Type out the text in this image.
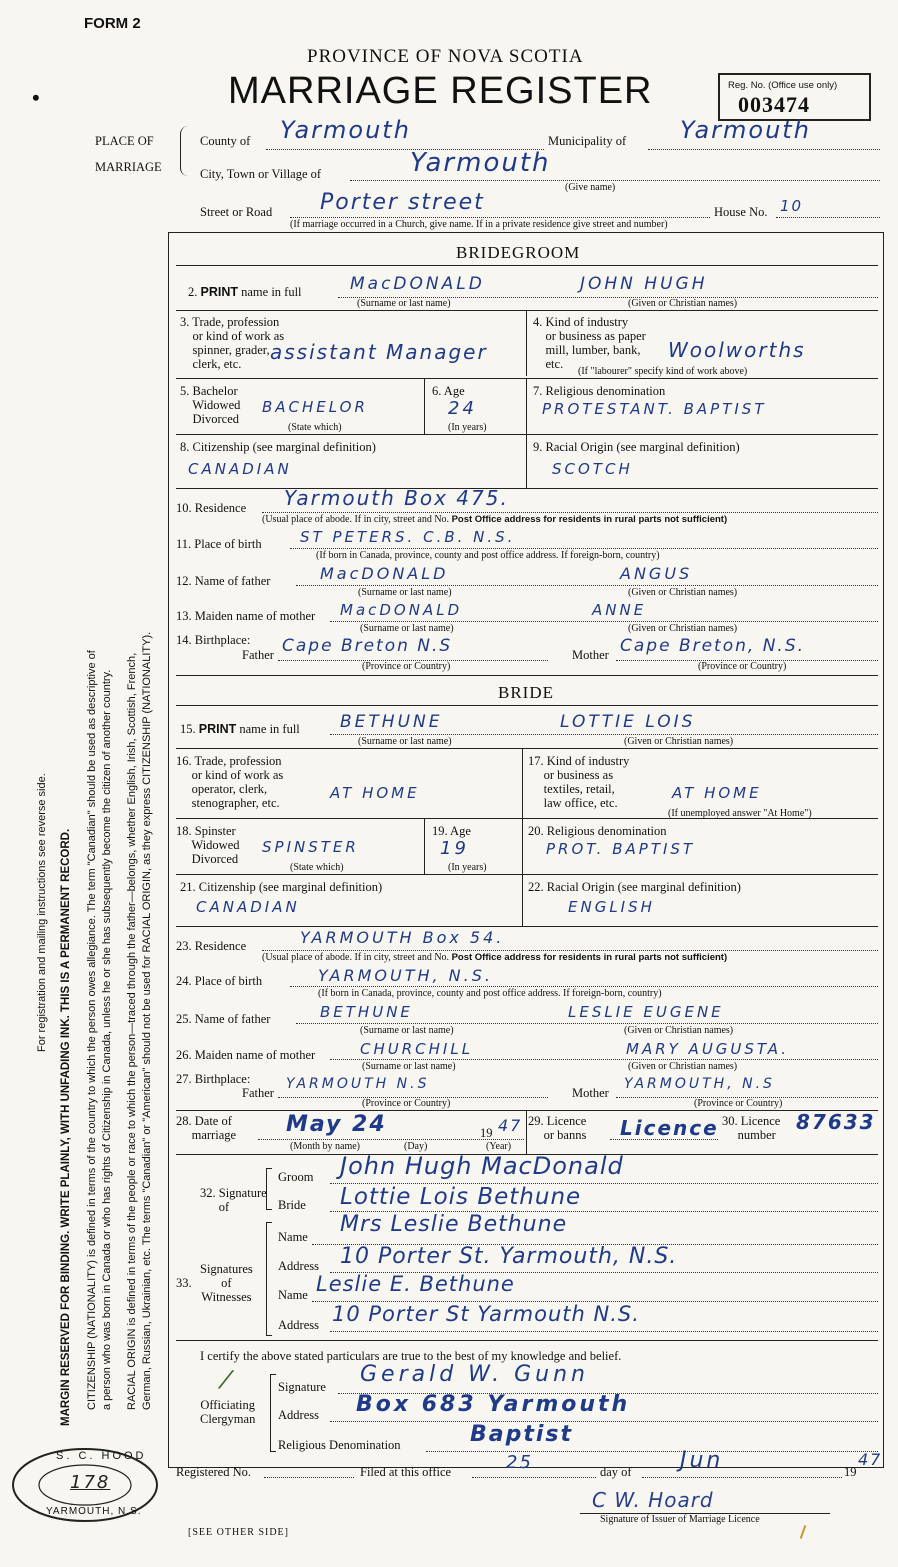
FORM 2
PROVINCE OF NOVA SCOTIA
MARRIAGE REGISTER	Reg. No. (Office use only)
003474
PLACE OF
MARRIAGE
County of Yarmouth	Municipality of Yarmouth
City, Town or Village of	Yarmouth
(Give name)
Street or Road Porter street	House No. 10
(If marriage occurred in a Church, give name. If in a private residence give street and number)
BRIDEGROOM
2. PRINT name in full	MacDONALD	JOHN HUGH
(Surname or last name)	(Given or Christian names)
3. Trade, profession
or kind of work as
spinner, grader,
clerk, etc.	assistant Manager
4. Kind of industry
or business as paper
mill, lumber, bank,
etc.
Woolworths
(If "labourer" specify kind of work above)
5. Bachelor
Widowed
Divorced
BACHELOR
(State which)
6. Age
24
(In years)
7. Religious denomination
PROTESTANT. BAPTIST
8. Citizenship (see marginal definition)
CANADIAN
9. Racial Origin (see marginal definition)
SCOTCH
10. Residence Yarmouth Box 475.
(Usual place of abode. If in city, street and No. Post Office address for residents in rural parts not sufficient)
11. Place of birth	ST PETERS. C.B. N.S.
(If born in Canada, province, county and post office address. If foreign-born, country)
12. Name of father	MacDONALD	ANGUS
(Surname or last name)	(Given or Christian names)
13. Maiden name of mother MacDONALD	ANNE
(Surname or last name)	(Given or Christian names)
14. Birthplace:
Father Cape Breton N.S
(Province or Country)
Mother Cape Breton, N.S.
(Province or Country)
BRIDE
15. PRINT name in full BETHUNE	LOTTIE LOIS
(Surname or last name)	(Given or Christian names)
16. Trade, profession
or kind of work as
operator, clerk,
stenographer, etc.
AT HOME
17. Kind of industry
or business as
textiles, retail,
law office, etc.
AT HOME
(If unemployed answer "At Home")
18. Spinster
Widowed
Divorced
SPINSTER
(State which)
19. Age
19
(In years)
20. Religious denomination
PROT. BAPTIST
21. Citizenship (see marginal definition)
CANADIAN
22. Racial Origin (see marginal definition)
ENGLISH
23. Residence	YARMOUTH Box 54.
(Usual place of abode. If in city, street and No. Post Office address for residents in rural parts not sufficient)
24. Place of birth	YARMOUTH, N.S.
(If born in Canada, province, county and post office address. If foreign-born, country)
25. Name of father	BETHUNE	LESLIE EUGENE
(Surname or last name)	(Given or Christian names)
26. Maiden name of mother	CHURCHILL	MARY AUGUSTA.
(Surname or last name)	(Given or Christian names)
27. Birthplace:
Father
YARMOUTH N.S
(Province or Country)
Mother
YARMOUTH, N.S
(Province or Country)
28. Date of
marriage May 24	19 47
(Month by name)	(Day)	(Year)
29. Licence
or banns Licence 30. Licence
number
87633
32. Signature
of
Groom John Hugh MacDonald
Bride Lottie Lois Bethune
33.
Signatures
of
Witnesses
Name Mrs Leslie Bethune
Address 10 Porter St. Yarmouth, N.S.
Name Leslie E. Bethune
Address 10 Porter St Yarmouth N.S.
I certify the above stated particulars are true to the best of my knowledge and belief.
⁄
Officiating
Clergyman
Signature Gerald W. Gunn
Address Box 683 Yarmouth
Religious Denomination	Baptist
Registered No.	Filed at this office	25	day of Jun	19
47
C W. Hoard
Signature of Issuer of Marriage Licence
[SEE OTHER SIDE]
S. C. HOOD
178
YARMOUTH, N.S.
•
For registration and mailing instructions see reverse side. MARGIN RESERVED FOR BINDING. WRITE PLAINLY, WITH UNFADING INK. THIS IS A PERMANENT RECORD. CITIZENSHIP (NATIONALITY) is defined in terms of the country to which the person owes allegiance. The term "Canadian" should be used as descriptive of a person who was born in Canada or who has rights of Citizenship in Canada, unless he or she has subsequently become the citizen of another country. RACIAL ORIGIN is defined in terms of the people or race to which the person—traced through the father—belongs, whether English, Irish, Scottish, French, German, Russian, Ukrainian, etc. The terms "Canadian" or "American" should not be used for RACIAL ORIGIN, as they express CITIZENSHIP (NATIONALITY).
